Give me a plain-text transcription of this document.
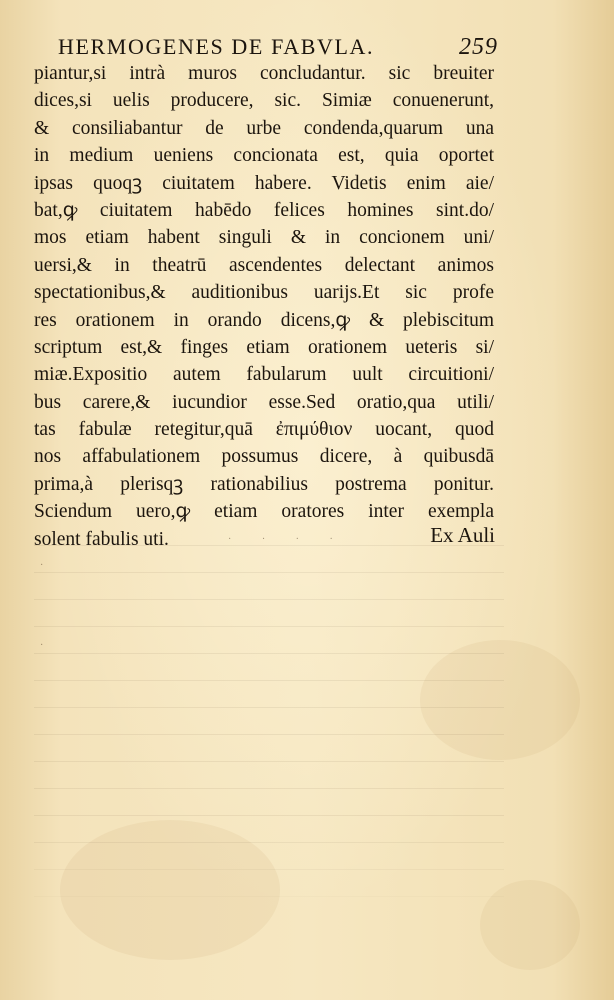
HERMOGENES DE FABVLA.	259
piantur,si intrà muros concludantur. sic breuiter
dices,si uelis producere, sic. Simiæ conuenerunt,
& consiliabantur de urbe condenda,quarum una
in medium ueniens concionata est, quia oportet
ipsas quoqꝫ ciuitatem habere. Videtis enim aie/
bat,ꝙ ciuitatem habēdo felices homines sint.do/
mos etiam habent singuli & in concionem uni/
uersi,& in theatrū ascendentes delectant animos
spectationibus,& auditionibus uarijs.Et sic profe
res orationem in orando dicens,ꝙ & plebiscitum
scriptum est,& finges etiam orationem ueteris si/
miæ.Expositio autem fabularum uult circuitioni/
bus carere,& iucundior esse.Sed oratio,qua utili/
tas fabulæ retegitur,quā ἐπιμύθιον uocant, quod
nos affabulationem possumus dicere, à quibusdā
prima,à plerisqꝫ rationabilius postrema ponitur.
Sciendum uero,ꝙ etiam oratores inter exempla
solent fabulis uti.	Ex Auli
· · · ·
·
·
